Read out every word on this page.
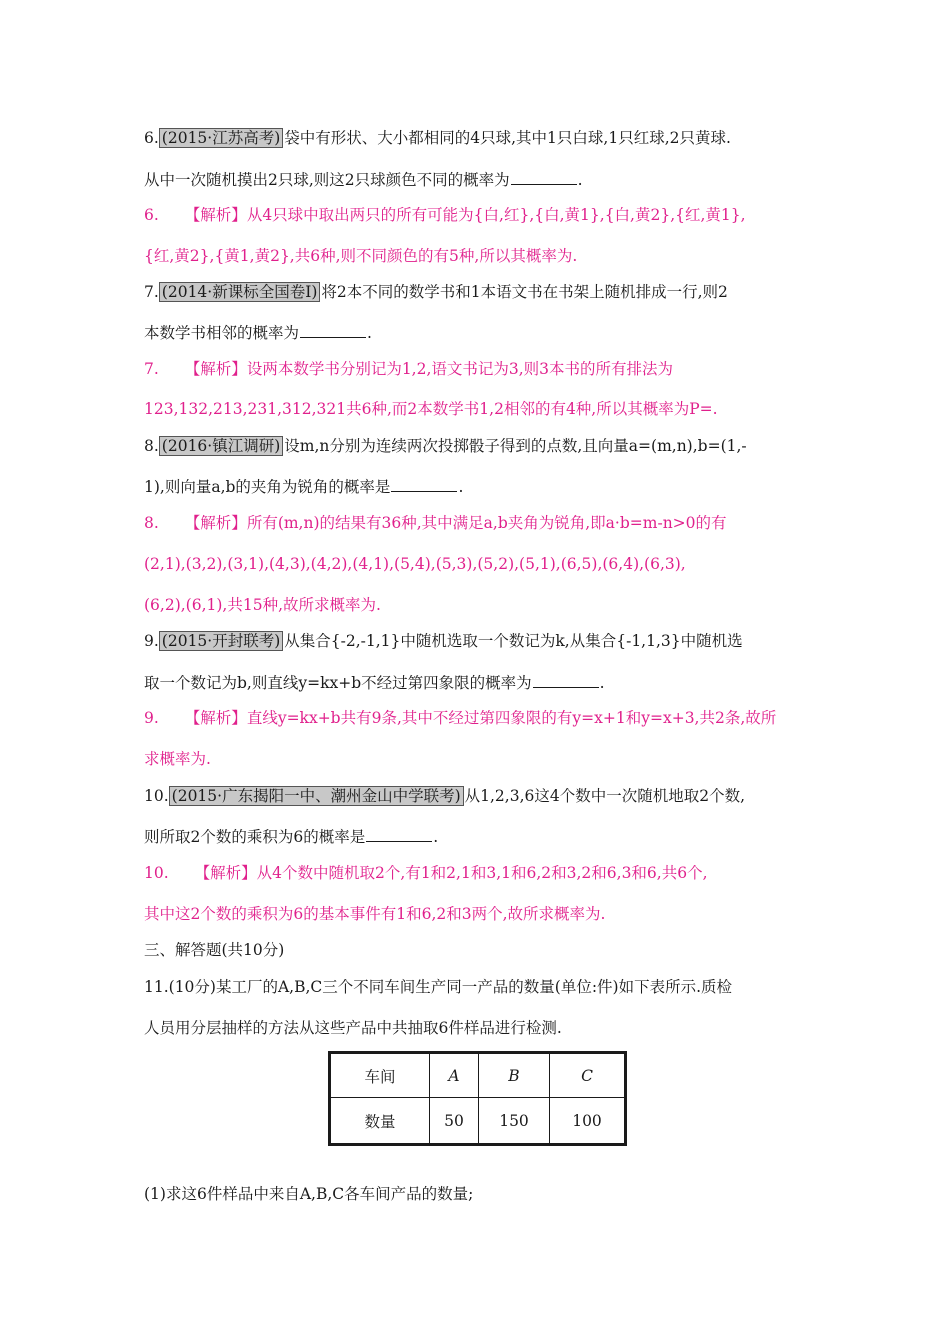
6. (2015·江苏高考) 袋中有形状、大小都相同的4只球,其中1只白球,1只红球,2只黄球.
从中一次随机摸出2只球,则这2只球颜色不同的概率为	.
6. 【解析】从4只球中取出两只的所有可能为{白,红},{白,黄1},{白,黄2},{红,黄1},
{红,黄2},{黄1,黄2},共6种,则不同颜色的有5种,所以其概率为.
7. (2014·新课标全国卷Ⅰ) 将2本不同的数学书和1本语文书在书架上随机排成一行,则2
本数学书相邻的概率为	.
7. 【解析】设两本数学书分别记为1,2,语文书记为3,则3本书的所有排法为
123,132,213,231,312,321共6种,而2本数学书1,2相邻的有4种,所以其概率为P=.
8. (2016·镇江调研) 设m,n分别为连续两次投掷骰子得到的点数,且向量a=(m,n),b=(1,-
1),则向量a,b的夹角为锐角的概率是	.
8. 【解析】所有(m,n)的结果有36种,其中满足a,b夹角为锐角,即a·b=m-n>0的有
(2,1),(3,2),(3,1),(4,3),(4,2),(4,1),(5,4),(5,3),(5,2),(5,1),(6,5),(6,4),(6,3),
(6,2),(6,1),共15种,故所求概率为.
9. (2015·开封联考) 从集合{-2,-1,1}中随机选取一个数记为k,从集合{-1,1,3}中随机选
取一个数记为b,则直线y=kx+b不经过第四象限的概率为	.
9. 【解析】直线y=kx+b共有9条,其中不经过第四象限的有y=x+1和y=x+3,共2条,故所
求概率为.
10. (2015·广东揭阳一中、潮州金山中学联考) 从1,2,3,6这4个数中一次随机地取2个数,
则所取2个数的乘积为6的概率是	.
10. 【解析】从4个数中随机取2个,有1和2,1和3,1和6,2和3,2和6,3和6,共6个,
其中这2个数的乘积为6的基本事件有1和6,2和3两个,故所求概率为.
三、解答题(共10分)
11.(10分)某工厂的A,B,C三个不同车间生产同一产品的数量(单位:件)如下表所示.质检
人员用分层抽样的方法从这些产品中共抽取6件样品进行检测.
车间	A	B	C
数量	50	150	100
(1)求这6件样品中来自A,B,C各车间产品的数量;
